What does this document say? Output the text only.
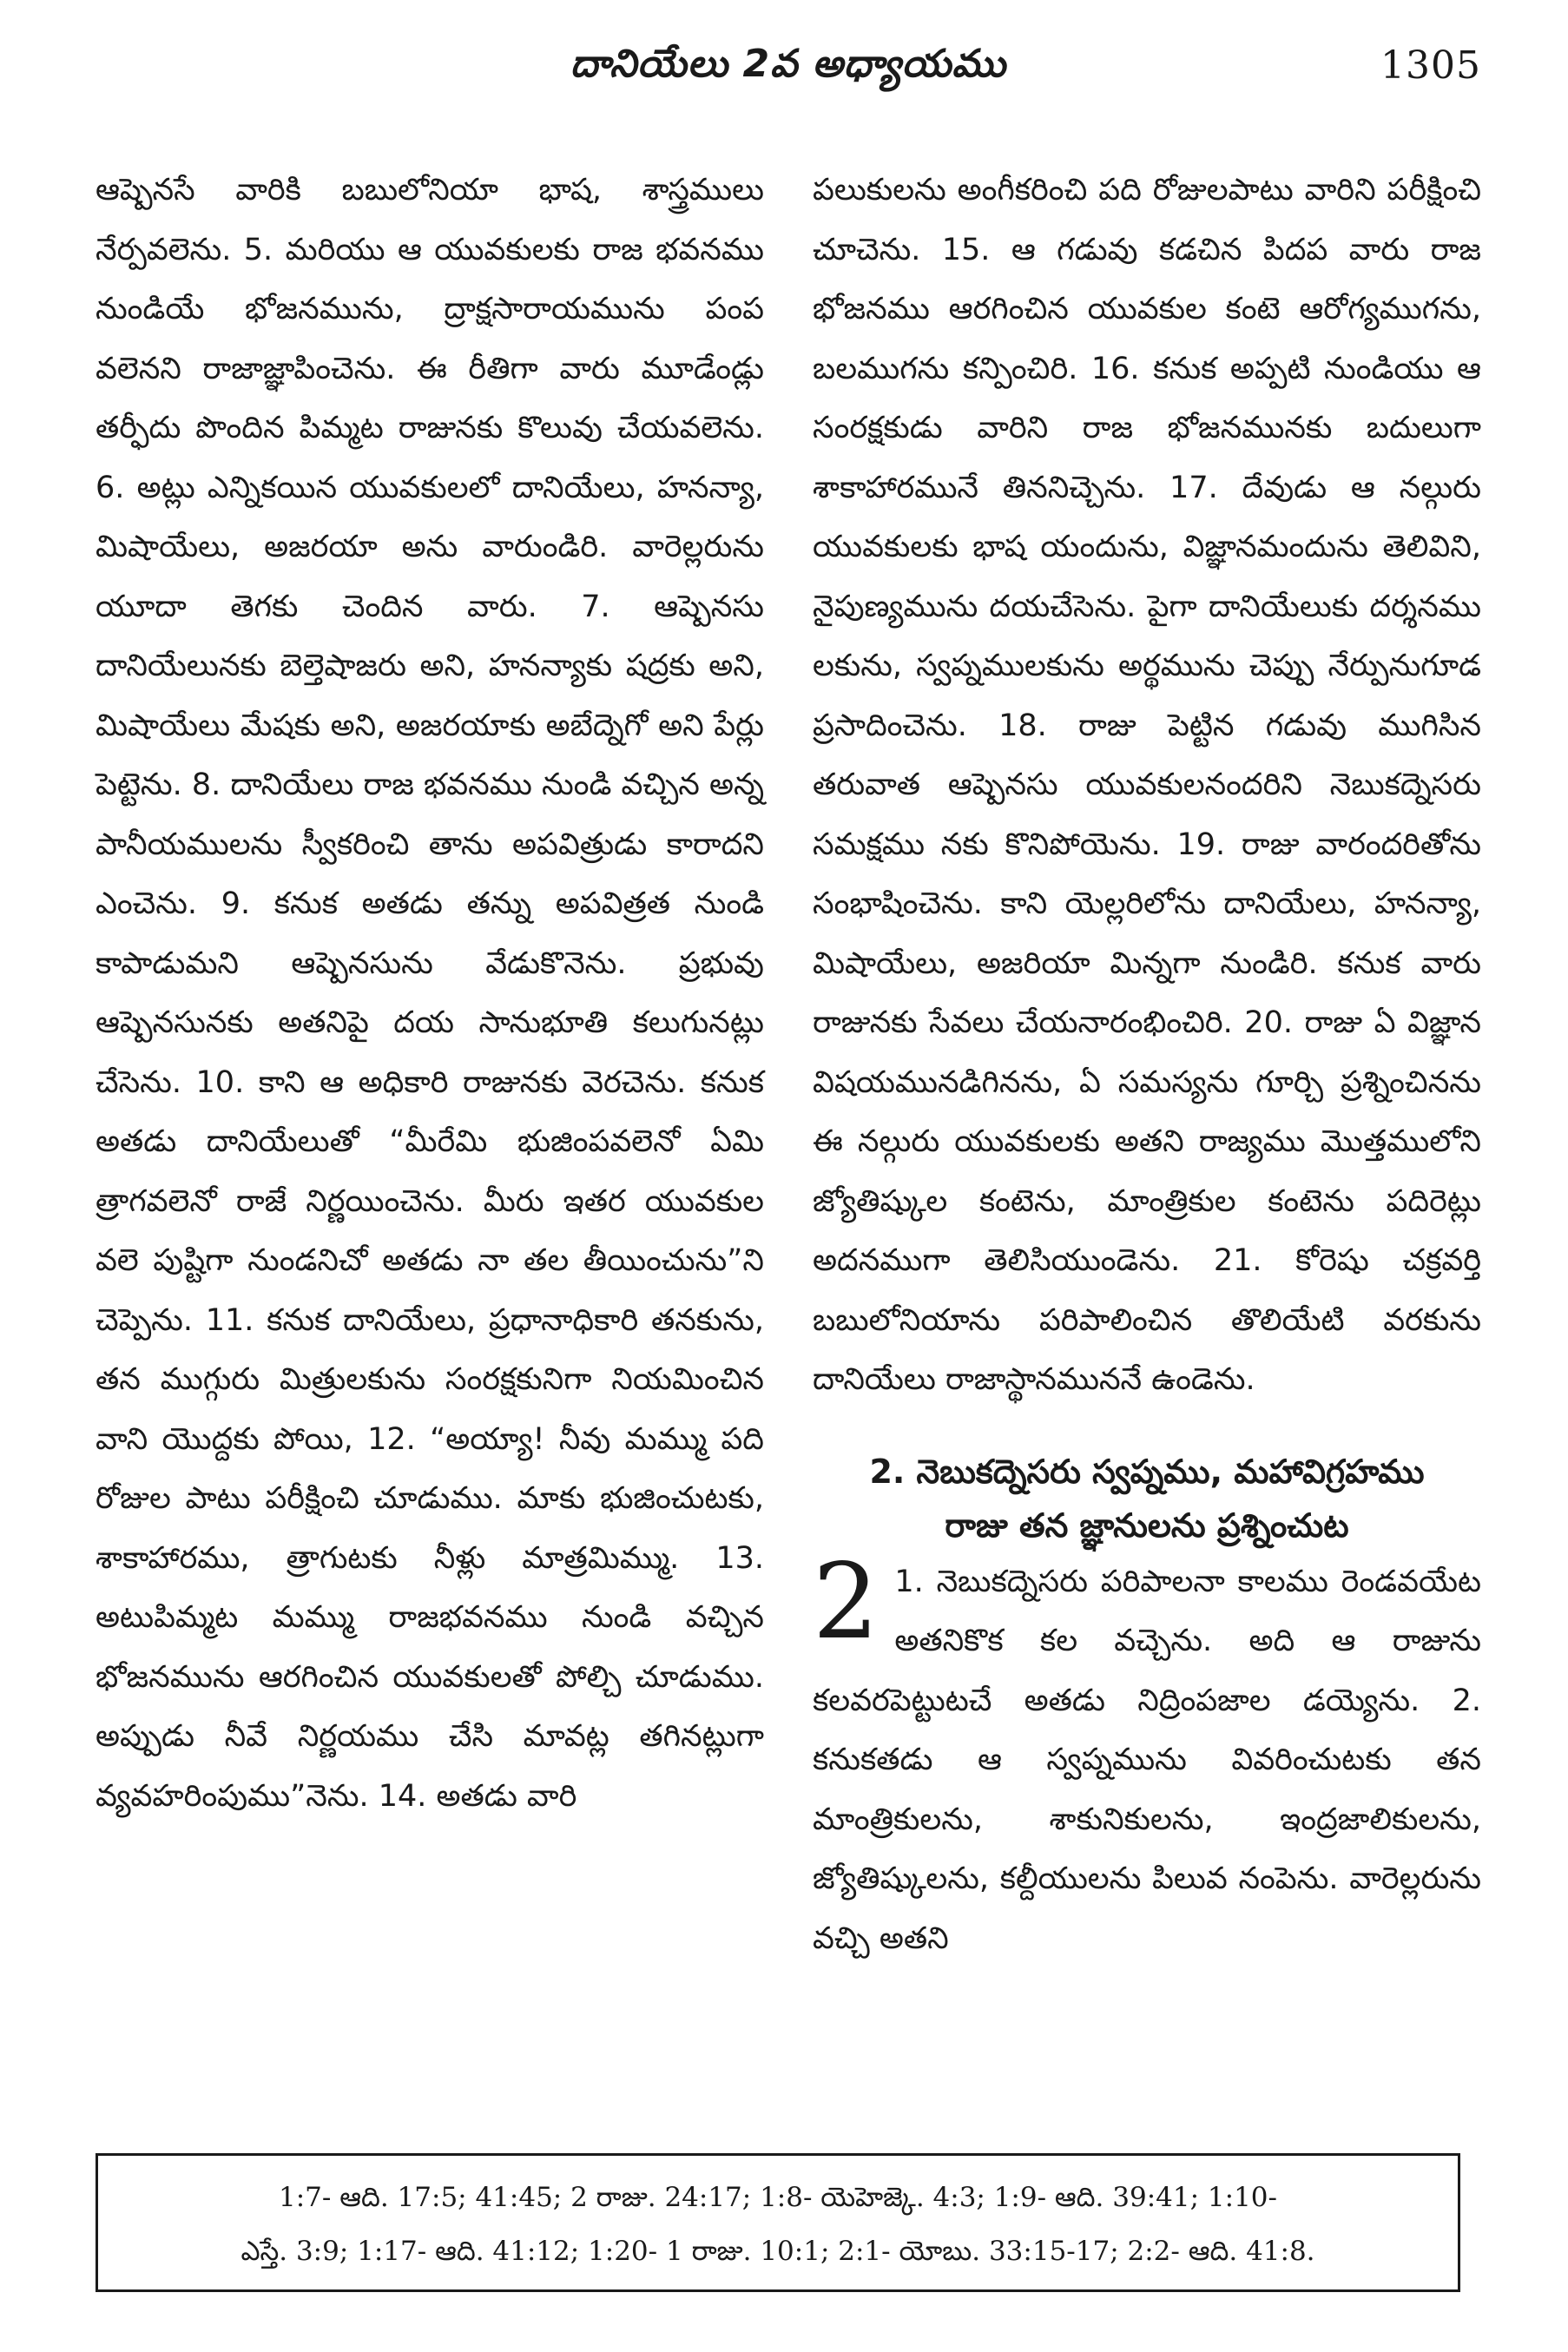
దానియేలు 2వ అధ్యాయము	1305

ఆష్పెనసే వారికి బబులోనియా భాష, శాస్త్రములు నేర్పవలెను. 5. మరియు ఆ యువకులకు రాజ భవనము నుండియే భోజనమును, ద్రాక్షసారాయమును పంప వలెనని రాజాజ్ఞాపించెను. ఈ రీతిగా వారు మూడేండ్లు తర్ఫీదు పొందిన పిమ్మట రాజునకు కొలువు చేయవలెను. 6. అట్లు ఎన్నికయిన యువకులలో దానియేలు, హనన్యా, మిషాయేలు, అజరయా అను వారుండిరి. వారెల్లరును యూదా తెగకు చెందిన వారు. 7. ఆష్పెనసు దానియేలునకు బెల్తెషాజరు అని, హనన్యాకు షద్రకు అని, మిషాయేలు మేషకు అని, అజరయాకు అబేద్నెగో అని పేర్లు పెట్టెను. 8. దానియేలు రాజ భవనము నుండి వచ్చిన అన్న పానీయములను స్వీకరించి తాను అపవిత్రుడు కారాదని ఎంచెను. 9. కనుక అతడు తన్ను అపవిత్రత నుండి కాపాడుమని ఆష్పెనసును వేడుకొనెను. ప్రభువు ఆష్పెనసునకు అతనిపై దయ సానుభూతి కలుగునట్లు చేసెను. 10. కాని ఆ అధికారి రాజునకు వెరచెను. కనుక అతడు దానియేలుతో “మీరేమి భుజింపవలెనో ఏమి త్రాగవలెనో రాజే నిర్ణయించెను. మీరు ఇతర యువకుల వలె పుష్టిగా నుండనిచో అతడు నా తల తీయించును”ని చెప్పెను. 11. కనుక దానియేలు, ప్రధానాధికారి తనకును, తన ముగ్గురు మిత్రులకును సంరక్షకునిగా నియమించిన వాని యొద్దకు పోయి, 12. “అయ్యా! నీవు మమ్ము పది రోజుల పాటు పరీక్షించి చూడుము. మాకు భుజించుటకు, శాకాహారము, త్రాగుటకు నీళ్లు మాత్రమిమ్ము. 13. అటుపిమ్మట మమ్ము రాజభవనము నుండి వచ్చిన భోజనమును ఆరగించిన యువకులతో పోల్చి చూడుము. అప్పుడు నీవే నిర్ణయము చేసి మావట్ల తగినట్లుగా వ్యవహరింపుము”నెను. 14. అతడు వారి

పలుకులను అంగీకరించి పది రోజులపాటు వారిని పరీక్షించి చూచెను. 15. ఆ గడువు కడచిన పిదప వారు రాజ భోజనము ఆరగించిన యువకుల కంటె ఆరోగ్యముగను, బలముగను కన్పించిరి. 16. కనుక అప్పటి నుండియు ఆ సంరక్షకుడు వారిని రాజ భోజనమునకు బదులుగా శాకాహారమునే తిననిచ్చెను. 17. దేవుడు ఆ నల్గురు యువకులకు భాష యందును, విజ్ఞానమందును తెలివిని, నైపుణ్యమును దయచేసెను. పైగా దానియేలుకు దర్శనము లకును, స్వప్నములకును అర్థమును చెప్పు నేర్పునుగూడ ప్రసాదించెను. 18. రాజు పెట్టిన గడువు ముగిసిన తరువాత ఆష్పెనసు యువకులనందరిని నెబుకద్నెసరు సమక్షము నకు కొనిపోయెను. 19. రాజు వారందరితోను సంభాషించెను. కాని యెల్లరిలోను దానియేలు, హనన్యా, మిషాయేలు, అజరియా మిన్నగా నుండిరి. కనుక వారు రాజునకు సేవలు చేయనారంభించిరి. 20. రాజు ఏ విజ్ఞాన విషయమునడిగినను, ఏ సమస్యను గూర్చి ప్రశ్నించినను ఈ నల్గురు యువకులకు అతని రాజ్యము మొత్తములోని జ్యోతిష్కుల కంటెను, మాంత్రికుల కంటెను పదిరెట్లు అదనముగా తెలిసియుండెను. 21. కోరెషు చక్రవర్తి బబులోనియాను పరిపాలించిన తొలియేటి వరకును దానియేలు రాజాస్థానముననే ఉండెను.

2. నెబుకద్నెసరు స్వప్నము, మహావిగ్రహము
రాజు తన జ్ఞానులను ప్రశ్నించుట

2 1. నెబుకద్నెసరు పరిపాలనా కాలము రెండవయేట అతనికొక కల వచ్చెను. అది ఆ రాజును కలవరపెట్టుటచే అతడు నిద్రింపజాల డయ్యెను. 2. కనుకతడు ఆ స్వప్నమును వివరించుటకు తన మాంత్రికులను, శాకునికులను, ఇంద్రజాలికులను, జ్యోతిష్కులను, కల్దీయులను పిలువ నంపెను. వారెల్లరును వచ్చి అతని

1:7- ఆది. 17:5; 41:45; 2 రాజు. 24:17; 1:8- యెహెజ్కె. 4:3; 1:9- ఆది. 39:41; 1:10-
ఎస్తే. 3:9; 1:17- ఆది. 41:12; 1:20- 1 రాజు. 10:1; 2:1- యోబు. 33:15-17; 2:2- ఆది. 41:8.
